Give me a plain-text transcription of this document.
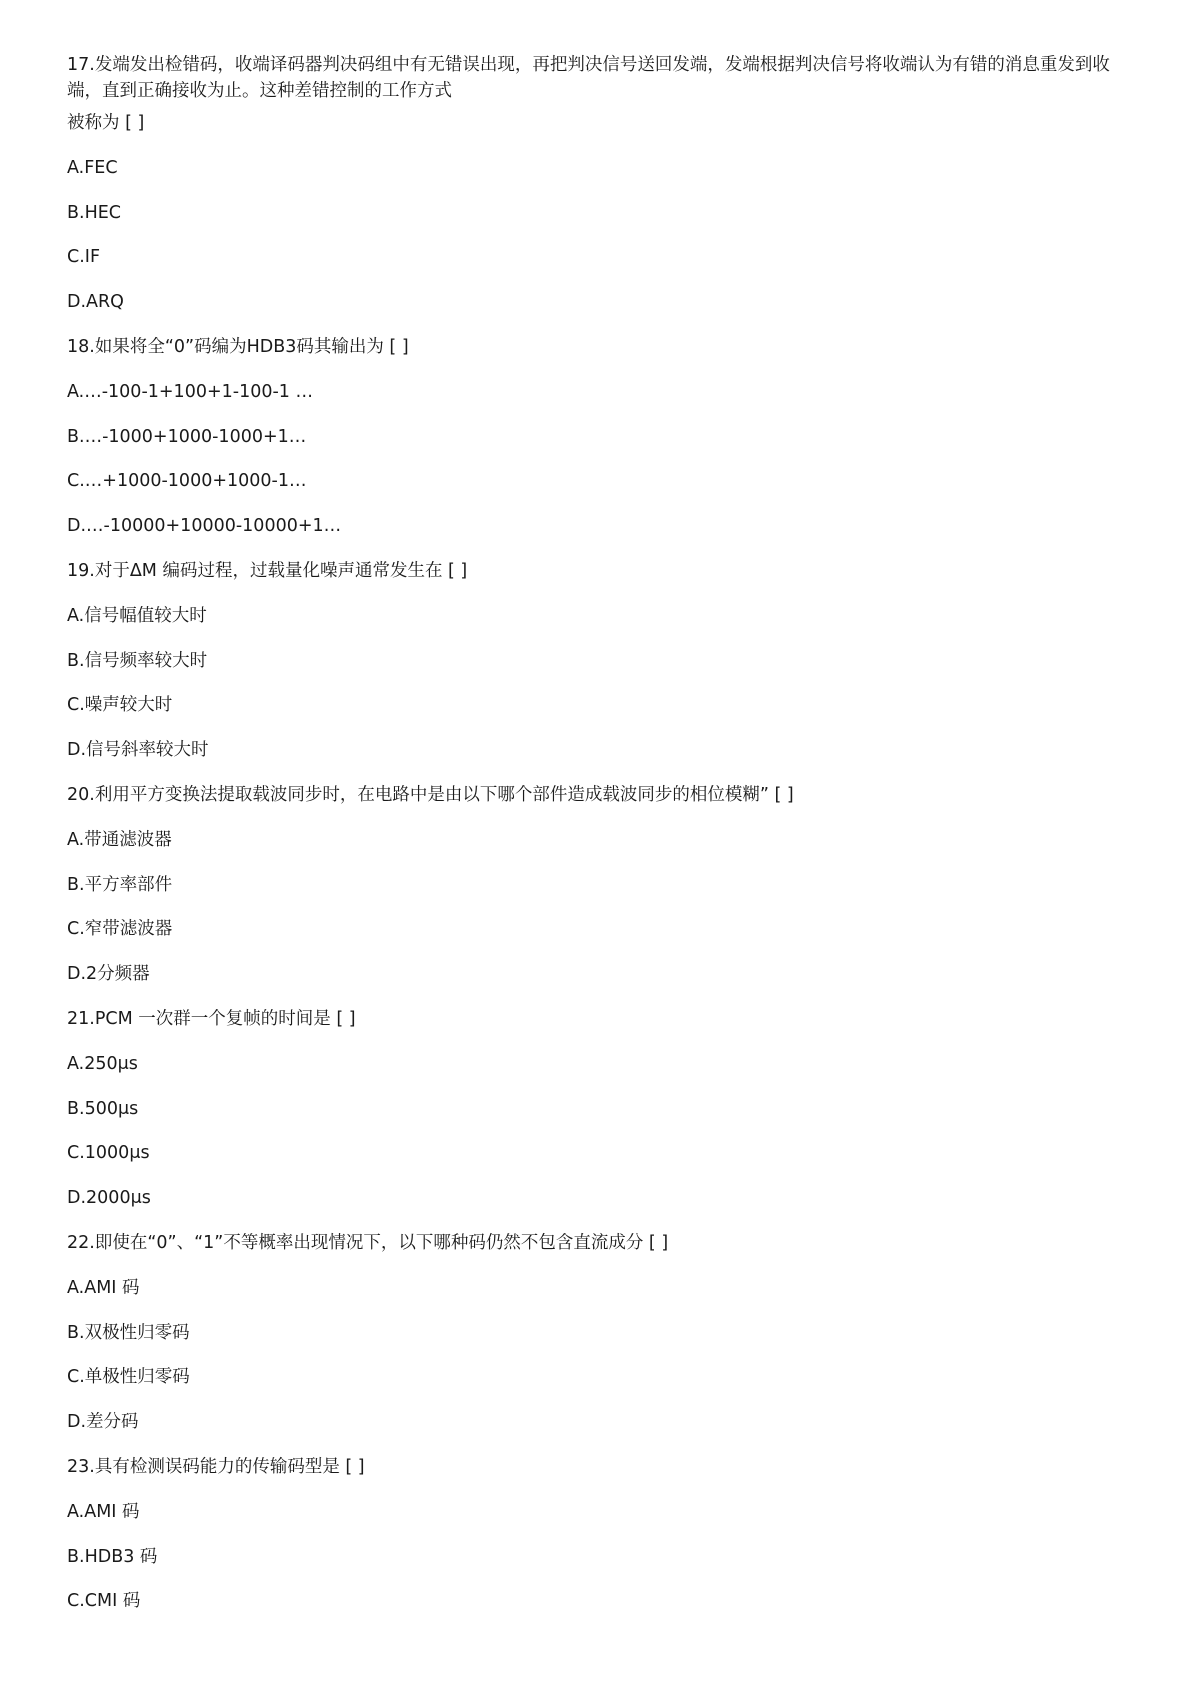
17.发端发出检错码，收端译码器判决码组中有无错误出现，再把判决信号送回发端，发端根据判决信号将收端认为有错的消息重发到收端，直到正确接收为止。这种差错控制的工作方式

被称为 [ ]

A.FEC

B.HEC

C.IF

D.ARQ

18.如果将全“0”码编为HDB3码其输出为 [ ]

A.…-100-1+100+1-100-1 …

B.…-1000+1000-1000+1…

C.…+1000-1000+1000-1…

D.…-10000+10000-10000+1…

19.对于ΔM 编码过程，过载量化噪声通常发生在 [ ]

A.信号幅值较大时

B.信号频率较大时

C.噪声较大时

D.信号斜率较大时

20.利用平方变换法提取载波同步时，在电路中是由以下哪个部件造成载波同步的相位模糊” [ ]

A.带通滤波器

B.平方率部件

C.窄带滤波器

D.2分频器

21.PCM 一次群一个复帧的时间是 [ ]

A.250μs

B.500μs

C.1000μs

D.2000μs

22.即使在“0”、“1”不等概率出现情况下，以下哪种码仍然不包含直流成分 [ ]

A.AMI 码

B.双极性归零码

C.单极性归零码

D.差分码

23.具有检测误码能力的传输码型是 [ ]

A.AMI 码

B.HDB3 码

C.CMI 码
